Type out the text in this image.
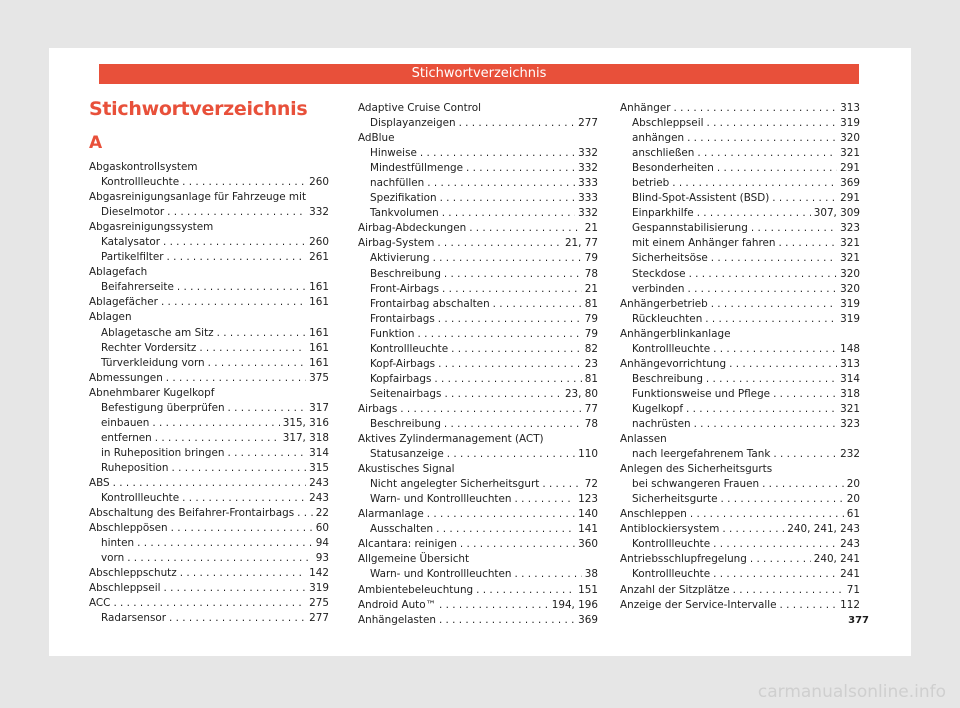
Stichwortverzeichnis
Stichwortverzeichnis
A
Abgaskontrollsystem
Kontrollleuchte . . .	260
Abgasreinigungsanlage für Fahrzeuge mit
Dieselmotor . . .	332
Abgasreinigungssystem
Katalysator . . .	260
Partikelfilter . . .	261
Ablagefach
Beifahrerseite . . .	161
Ablagefächer . . .	161
Ablagen
Ablagetasche am Sitz . . .	161
Rechter Vordersitz . . .	161
Türverkleidung vorn . . .	161
Abmessungen . . .	375
Abnehmbarer Kugelkopf
Befestigung überprüfen . . .	317
einbauen . . .	315, 316
entfernen . . .	317, 318
in Ruheposition bringen . . .	314
Ruheposition . . .	315
ABS . . .	243
Kontrollleuchte . . .	243
Abschaltung des Beifahrer-Frontairbags . . . 22
Abschleppösen . . .	60
hinten . . .	94
vorn . . .	93
Abschleppschutz . . .	142
Abschleppseil . . .	319
ACC . . .	275
Radarsensor . . .	277
Adaptive Cruise Control
Displayanzeigen . . .	277
AdBlue
Hinweise . . .	332
Mindestfüllmenge . . .	332
nachfüllen . . .	333
Spezifikation . . .	333
Tankvolumen . . .	332
Airbag-Abdeckungen . . .	21
Airbag-System . . .	21, 77
Aktivierung . . .	79
Beschreibung . . .	78
Front-Airbags . . .	21
Frontairbag abschalten . . .	81
Frontairbags . . .	79
Funktion . . .	79
Kontrollleuchte . . .	82
Kopf-Airbags . . .	23
Kopfairbags . . .	81
Seitenairbags . . .	23, 80
Airbags . . .	77
Beschreibung . . .	78
Aktives Zylindermanagement (ACT)
Statusanzeige . . .	110
Akustisches Signal
Nicht angelegter Sicherheitsgurt . . .	72
Warn- und Kontrollleuchten . . .	123
Alarmanlage . . .	140
Ausschalten . . .	141
Alcantara: reinigen . . .	360
Allgemeine Übersicht
Warn- und Kontrollleuchten . . .	38
Ambientebeleuchtung . . .	151
Android Auto™ . . .	194, 196
Anhängelasten . . .	369
Anhänger . . .	313
Abschleppseil . . .	319
anhängen . . .	320
anschließen . . .	321
Besonderheiten . . .	291
betrieb . . .	369
Blind-Spot-Assistent (BSD) . . .	291
Einparkhilfe . . .	307, 309
Gespannstabilisierung . . .	323
mit einem Anhänger fahren . . .	321
Sicherheitsöse . . .	321
Steckdose . . .	320
verbinden . . .	320
Anhängerbetrieb . . .	319
Rückleuchten . . .	319
Anhängerblinkanlage
Kontrollleuchte . . .	148
Anhängevorrichtung . . .	313
Beschreibung . . .	314
Funktionsweise und Pflege . . .	318
Kugelkopf . . .	321
nachrüsten . . .	323
Anlassen
nach leergefahrenem Tank . . .	232
Anlegen des Sicherheitsgurts
bei schwangeren Frauen . . .	20
Sicherheitsgurte . . .	20
Anschleppen . . .	61
Antiblockiersystem . . .	240, 241, 243
Kontrollleuchte . . .	243
Antriebsschlupfregelung . . .	240, 241
Kontrollleuchte . . .	241
Anzahl der Sitzplätze . . .	71
Anzeige der Service-Intervalle . . .	112
377
carmanualsonline.info
